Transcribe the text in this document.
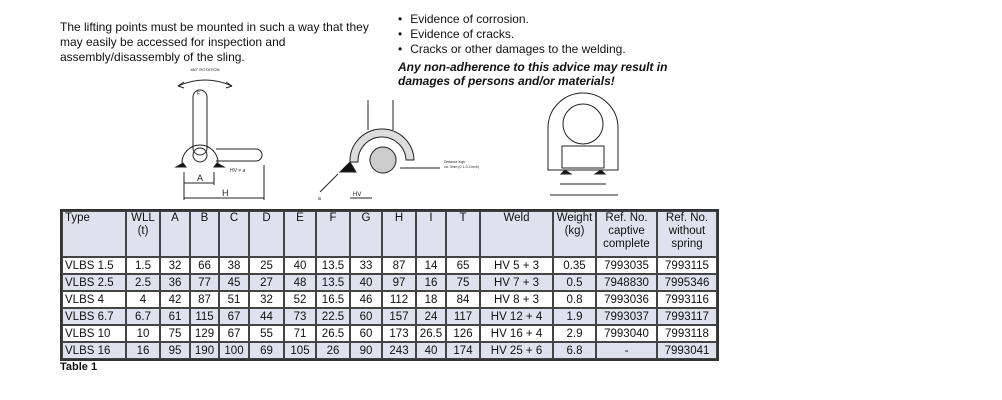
The lifting points must be mounted in such a way that they may easily be accessed for inspection and assembly/disassembly of the sling.
• Evidence of corrosion.
• Evidence of cracks.
• Cracks or other damages to the welding.
Any non-adherence to this advice may result in damages of persons and/or materials!
180° ROTATION
F
A
H
HV ≠ a
HV
a
Distance lugs
ca. 3mm (0.1-0.3 inch)
Type	WLL (t)	A	B	C	D	E	F	G	H	I	T	Weld	Weight (kg)	Ref. No. captive complete	Ref. No. without spring
VLBS 1.5	1.5	32	66	38	25	40	13.5	33	87	14	65	HV 5 + 3	0.35	7993035	7993115
VLBS 2.5	2.5	36	77	45	27	48	13.5	40	97	16	75	HV 7 + 3	0.5	7948830	7995346
VLBS 4	4	42	87	51	32	52	16.5	46	112	18	84	HV 8 + 3	0.8	7993036	7993116
VLBS 6.7	6.7	61	115	67	44	73	22.5	60	157	24	117	HV 12 + 4	1.9	7993037	7993117
VLBS 10	10	75	129	67	55	71	26.5	60	173	26.5	126	HV 16 + 4	2.9	7993040	7993118
VLBS 16	16	95	190	100	69	105	26	90	243	40	174	HV 25 + 6	6.8	-	7993041
Table 1
